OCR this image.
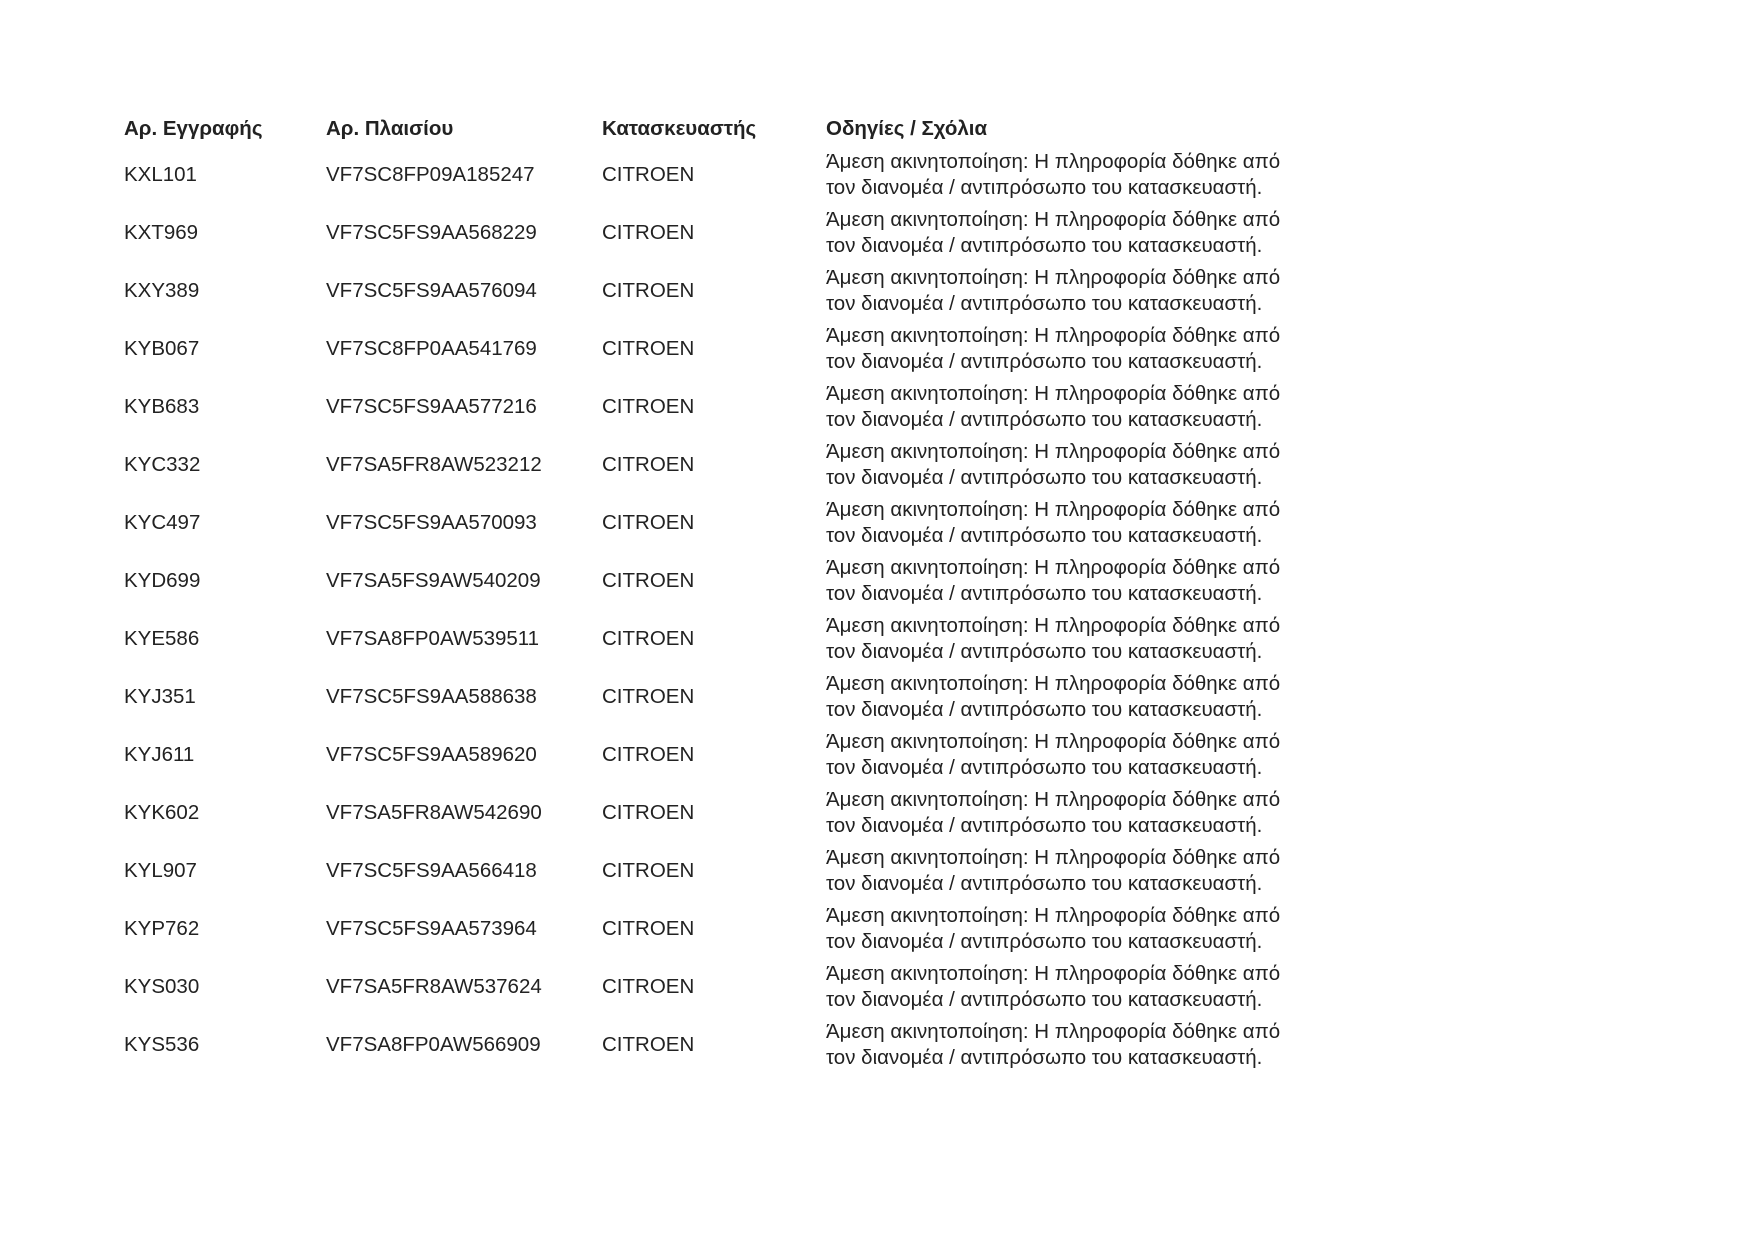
Αρ. Εγγραφής	Αρ. Πλαισίου	Κατασκευαστής	Οδηγίες / Σχόλια
KXL101	VF7SC8FP09A185247	CITROEN	Άμεση ακινητοποίηση: Η πληροφορία δόθηκε από τον διανομέα / αντιπρόσωπο του κατασκευαστή.
KXT969	VF7SC5FS9AA568229	CITROEN	Άμεση ακινητοποίηση: Η πληροφορία δόθηκε από τον διανομέα / αντιπρόσωπο του κατασκευαστή.
KXY389	VF7SC5FS9AA576094	CITROEN	Άμεση ακινητοποίηση: Η πληροφορία δόθηκε από τον διανομέα / αντιπρόσωπο του κατασκευαστή.
KYB067	VF7SC8FP0AA541769	CITROEN	Άμεση ακινητοποίηση: Η πληροφορία δόθηκε από τον διανομέα / αντιπρόσωπο του κατασκευαστή.
KYB683	VF7SC5FS9AA577216	CITROEN	Άμεση ακινητοποίηση: Η πληροφορία δόθηκε από τον διανομέα / αντιπρόσωπο του κατασκευαστή.
KYC332	VF7SA5FR8AW523212	CITROEN	Άμεση ακινητοποίηση: Η πληροφορία δόθηκε από τον διανομέα / αντιπρόσωπο του κατασκευαστή.
KYC497	VF7SC5FS9AA570093	CITROEN	Άμεση ακινητοποίηση: Η πληροφορία δόθηκε από τον διανομέα / αντιπρόσωπο του κατασκευαστή.
KYD699	VF7SA5FS9AW540209	CITROEN	Άμεση ακινητοποίηση: Η πληροφορία δόθηκε από τον διανομέα / αντιπρόσωπο του κατασκευαστή.
KYE586	VF7SA8FP0AW539511	CITROEN	Άμεση ακινητοποίηση: Η πληροφορία δόθηκε από τον διανομέα / αντιπρόσωπο του κατασκευαστή.
KYJ351	VF7SC5FS9AA588638	CITROEN	Άμεση ακινητοποίηση: Η πληροφορία δόθηκε από τον διανομέα / αντιπρόσωπο του κατασκευαστή.
KYJ611	VF7SC5FS9AA589620	CITROEN	Άμεση ακινητοποίηση: Η πληροφορία δόθηκε από τον διανομέα / αντιπρόσωπο του κατασκευαστή.
KYK602	VF7SA5FR8AW542690	CITROEN	Άμεση ακινητοποίηση: Η πληροφορία δόθηκε από τον διανομέα / αντιπρόσωπο του κατασκευαστή.
KYL907	VF7SC5FS9AA566418	CITROEN	Άμεση ακινητοποίηση: Η πληροφορία δόθηκε από τον διανομέα / αντιπρόσωπο του κατασκευαστή.
KYP762	VF7SC5FS9AA573964	CITROEN	Άμεση ακινητοποίηση: Η πληροφορία δόθηκε από τον διανομέα / αντιπρόσωπο του κατασκευαστή.
KYS030	VF7SA5FR8AW537624	CITROEN	Άμεση ακινητοποίηση: Η πληροφορία δόθηκε από τον διανομέα / αντιπρόσωπο του κατασκευαστή.
KYS536	VF7SA8FP0AW566909	CITROEN	Άμεση ακινητοποίηση: Η πληροφορία δόθηκε από τον διανομέα / αντιπρόσωπο του κατασκευαστή.
